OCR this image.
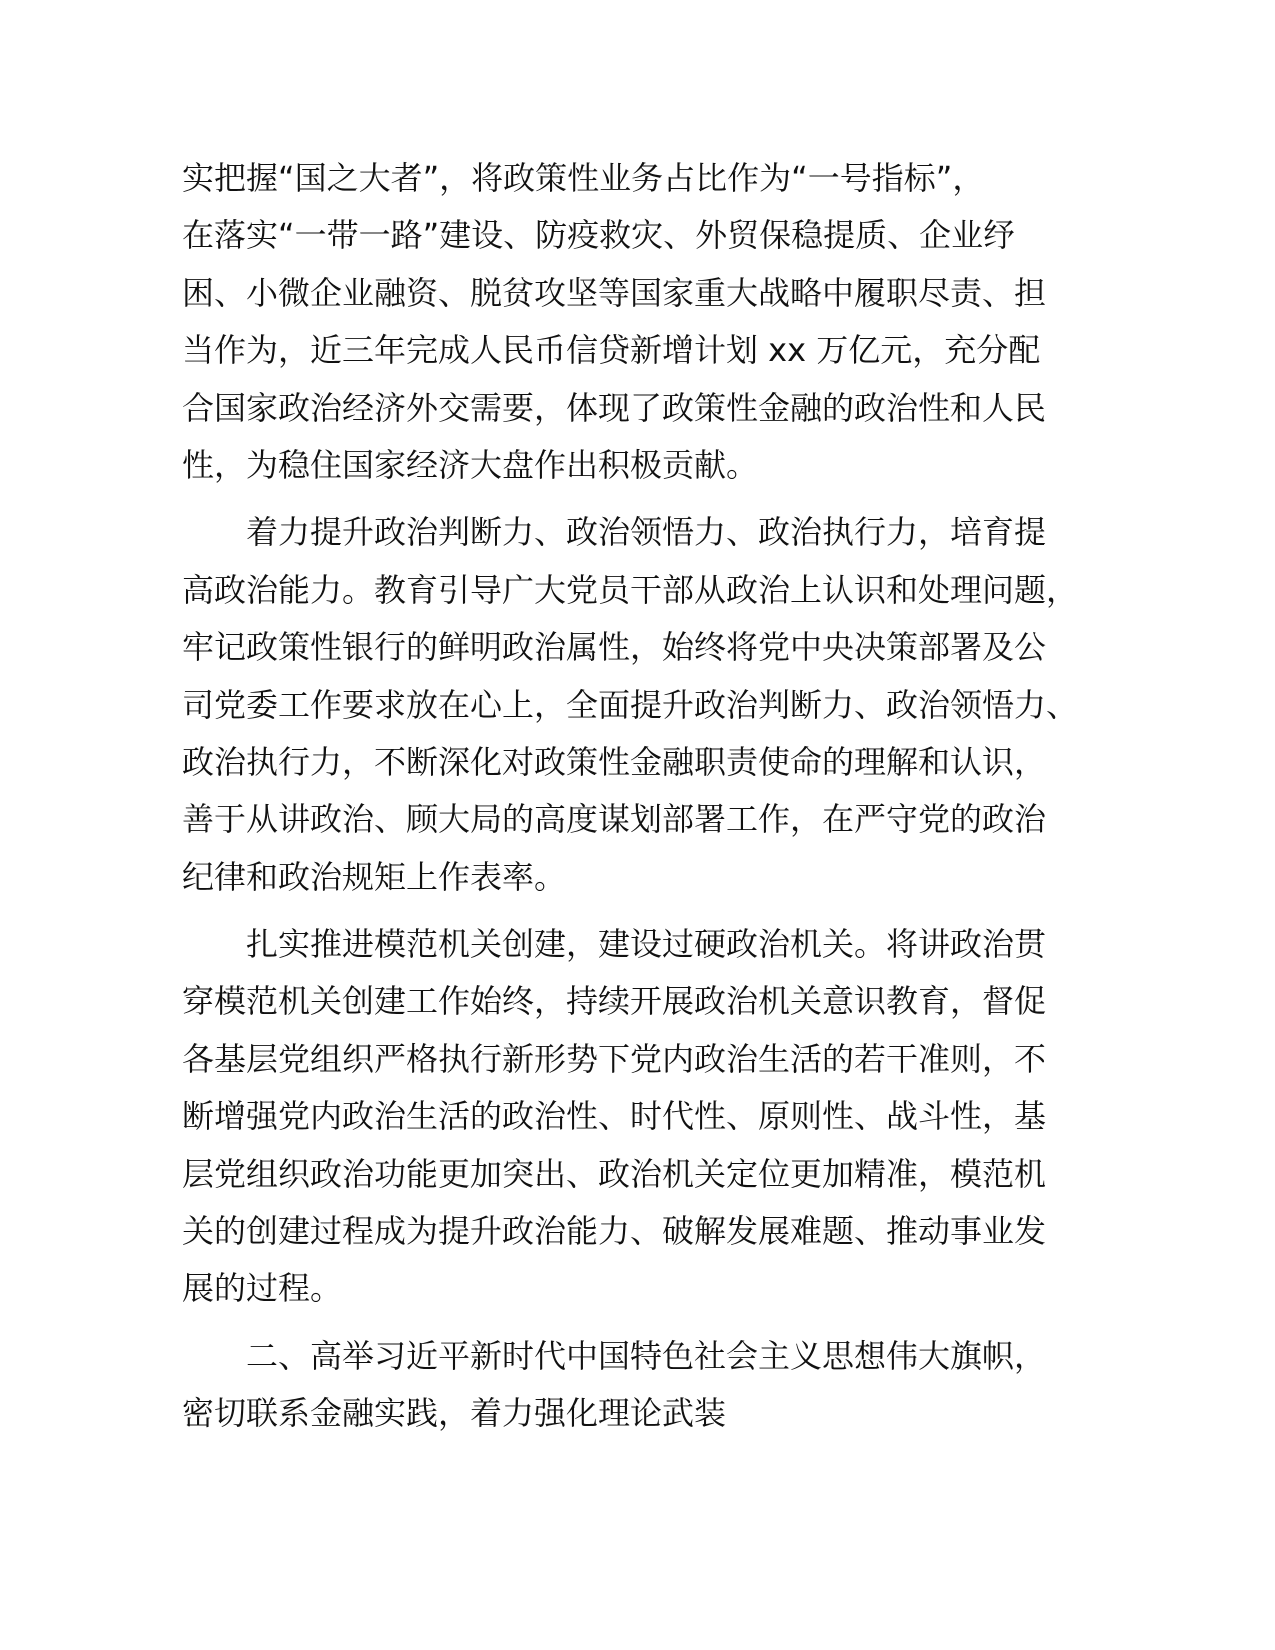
实把握“国之大者”，将政策性业务占比作为“一号指标”，
在落实“一带一路”建设、防疫救灾、外贸保稳提质、企业纾
困、小微企业融资、脱贫攻坚等国家重大战略中履职尽责、担
当作为，近三年完成人民币信贷新增计划 xx 万亿元，充分配
合国家政治经济外交需要，体现了政策性金融的政治性和人民
性，为稳住国家经济大盘作出积极贡献。
着力提升政治判断力、政治领悟力、政治执行力，培育提
高政治能力。教育引导广大党员干部从政治上认识和处理问题，
牢记政策性银行的鲜明政治属性，始终将党中央决策部署及公
司党委工作要求放在心上，全面提升政治判断力、政治领悟力、
政治执行力，不断深化对政策性金融职责使命的理解和认识，
善于从讲政治、顾大局的高度谋划部署工作，在严守党的政治
纪律和政治规矩上作表率。
扎实推进模范机关创建，建设过硬政治机关。将讲政治贯
穿模范机关创建工作始终，持续开展政治机关意识教育，督促
各基层党组织严格执行新形势下党内政治生活的若干准则，不
断增强党内政治生活的政治性、时代性、原则性、战斗性，基
层党组织政治功能更加突出、政治机关定位更加精准，模范机
关的创建过程成为提升政治能力、破解发展难题、推动事业发
展的过程。
二、高举习近平新时代中国特色社会主义思想伟大旗帜，
密切联系金融实践，着力强化理论武装
